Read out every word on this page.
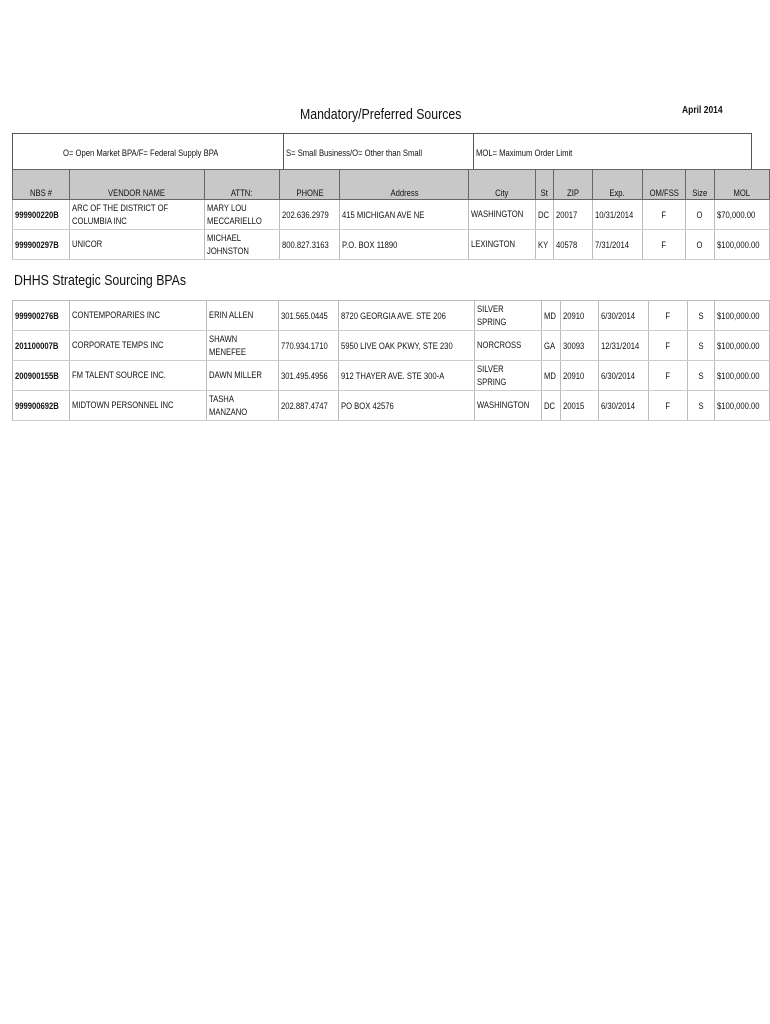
Mandatory/Preferred Sources	April 2014
O= Open Market BPA/F= Federal Supply BPA	S= Small Business/O= Other than Small	MOL= Maximum Order Limit
NBS #	VENDOR NAME	ATTN:	PHONE	Address	City	St	ZIP	Exp.	OM/FSS	Size	MOL
999900220B	ARC OF THE DISTRICT OF COLUMBIA INC	MARY LOU MECCARIELLO	202.636.2979	415 MICHIGAN AVE NE	WASHINGTON	DC	20017	10/31/2014	F	O	$70,000.00
999900297B	UNICOR	MICHAEL JOHNSTON	800.827.3163	P.O. BOX 11890	LEXINGTON	KY	40578	7/31/2014	F	O	$100,000.00
DHHS Strategic Sourcing BPAs
999900276B	CONTEMPORARIES INC	ERIN ALLEN	301.565.0445	8720 GEORGIA AVE. STE 206	SILVER SPRING	MD	20910	6/30/2014	F	S	$100,000.00
201100007B	CORPORATE TEMPS INC	SHAWN MENEFEE	770.934.1710	5950 LIVE OAK PKWY, STE 230	NORCROSS	GA	30093	12/31/2014	F	S	$100,000.00
200900155B	FM TALENT SOURCE INC.	DAWN MILLER	301.495.4956	912 THAYER AVE. STE 300-A	SILVER SPRING	MD	20910	6/30/2014	F	S	$100,000.00
999900692B	MIDTOWN PERSONNEL INC	TASHA MANZANO	202.887.4747	PO BOX 42576	WASHINGTON	DC	20015	6/30/2014	F	S	$100,000.00
